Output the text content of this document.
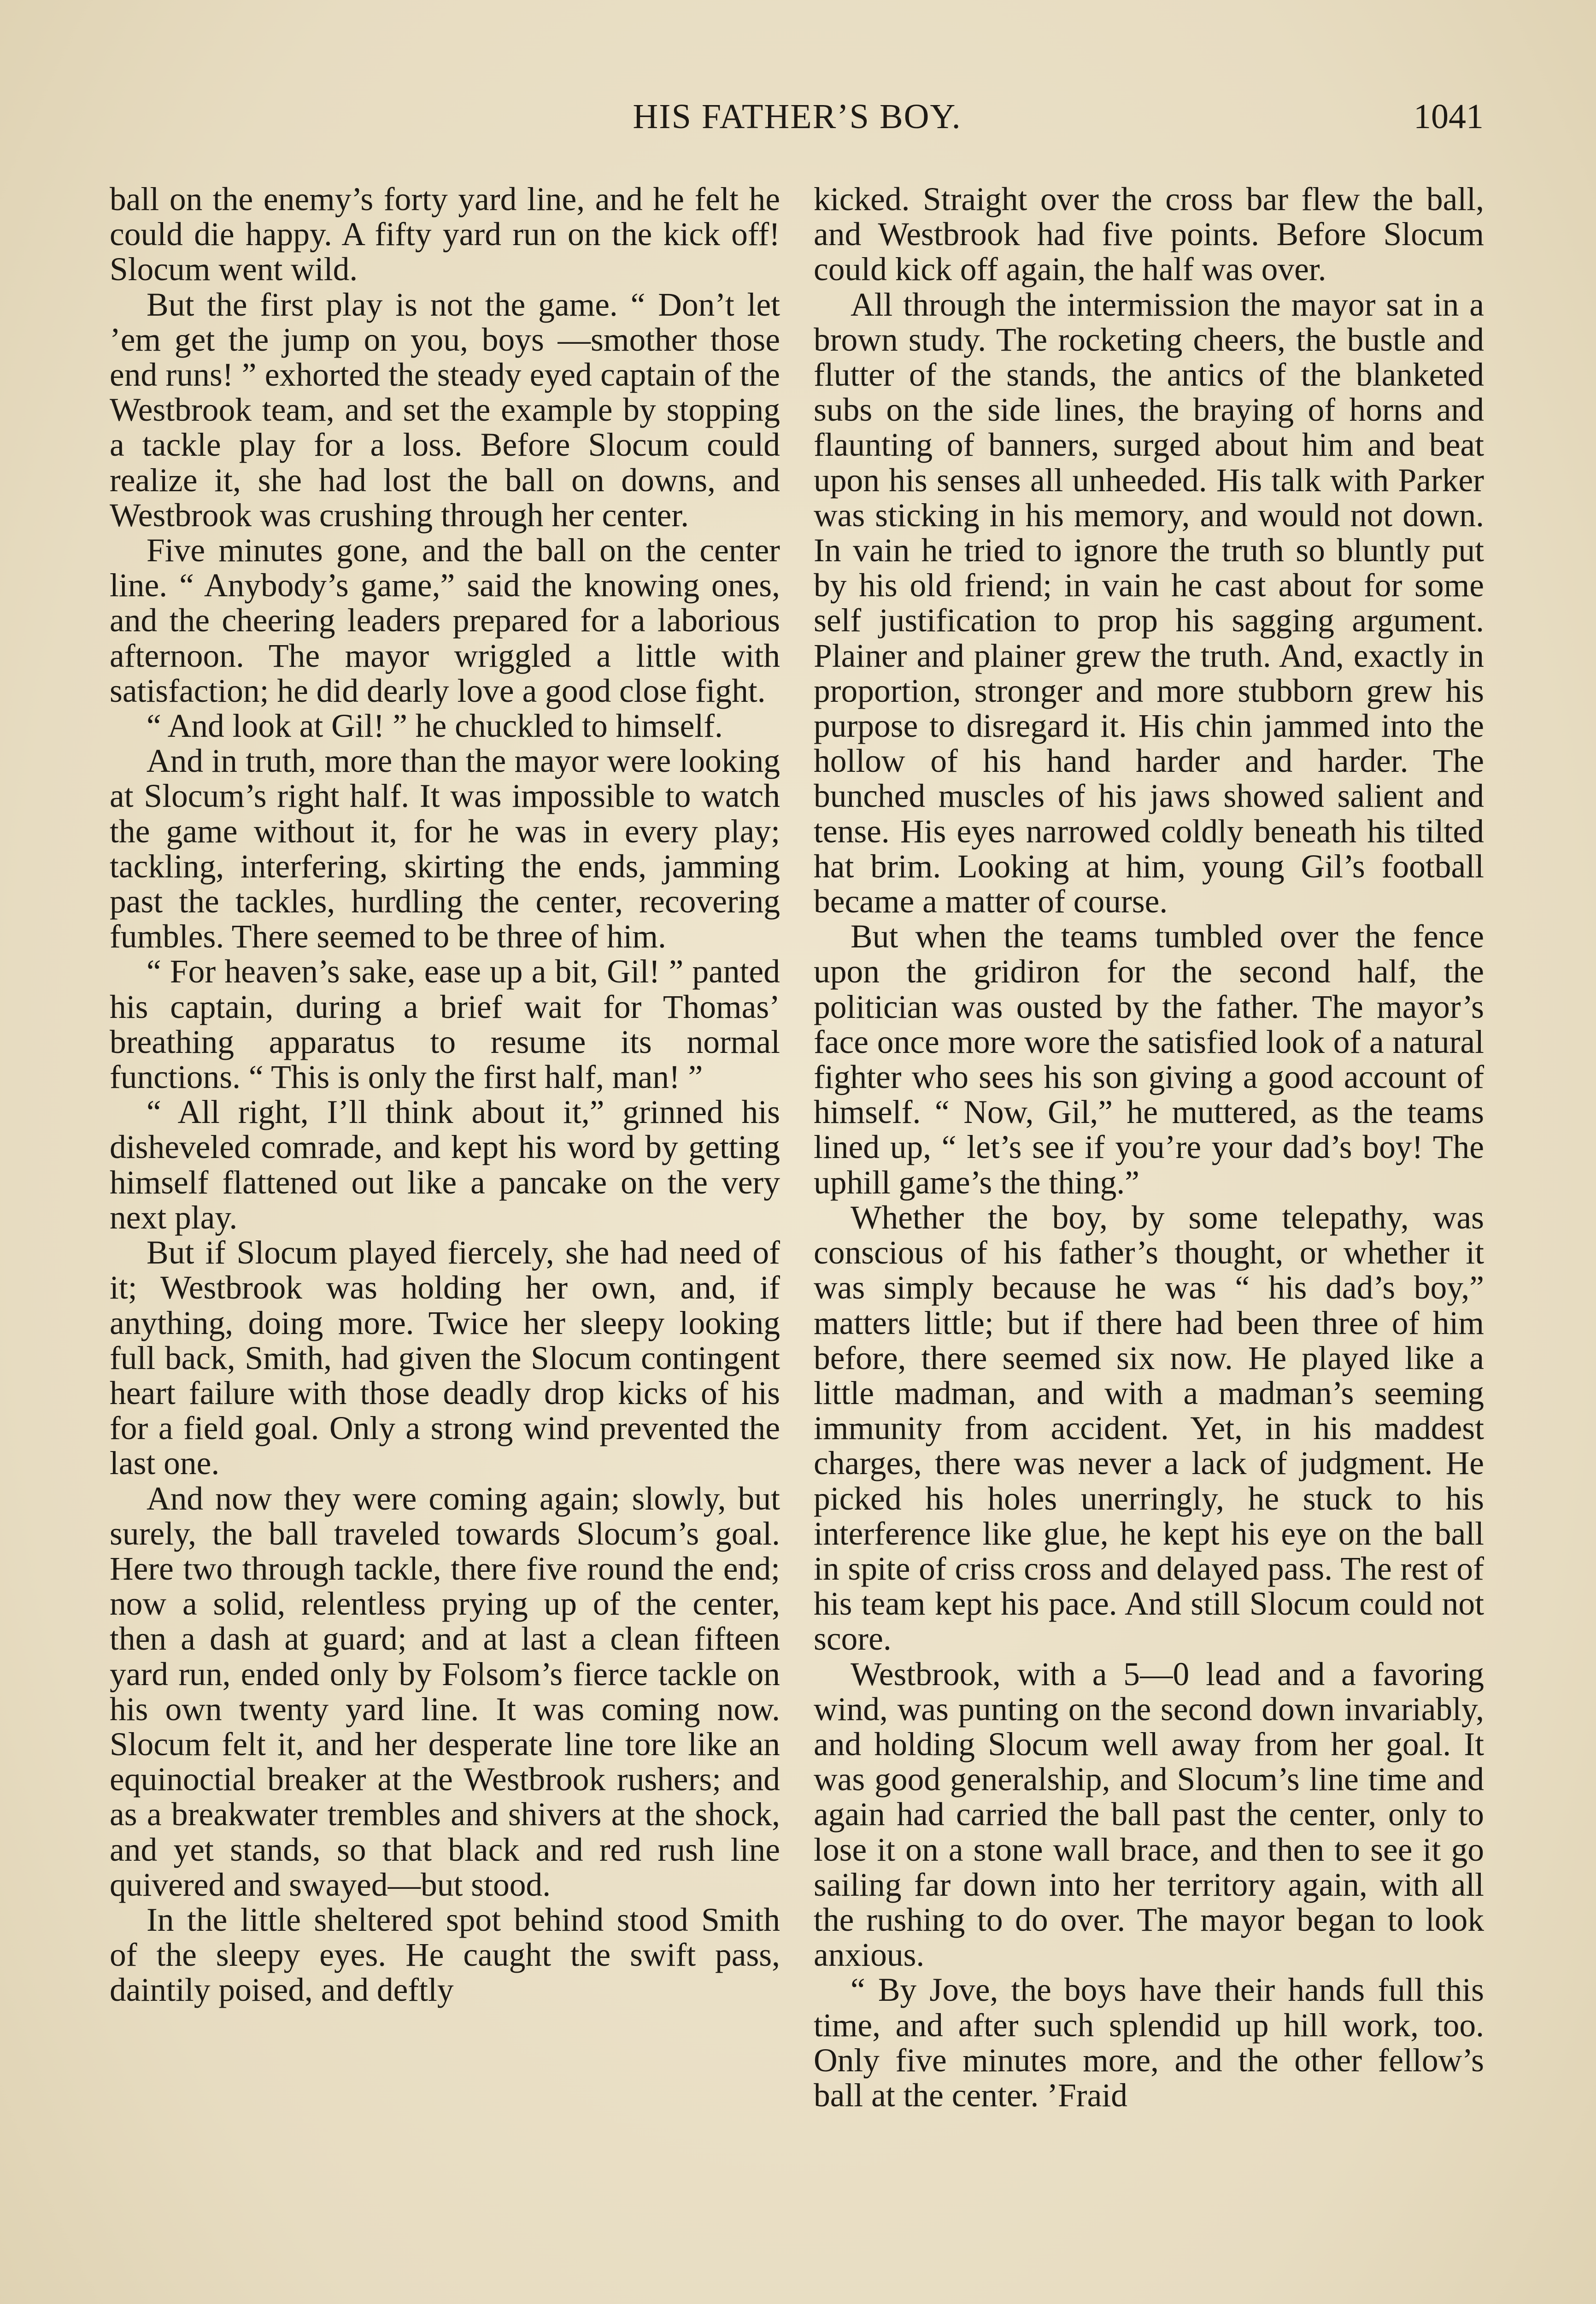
HIS FATHER’S BOY.	1041

ball on the enemy’s forty yard line, and he felt he could die happy. A fifty yard run on the kick off! Slocum went wild.

But the first play is not the game. “ Don’t let ’em get the jump on you, boys —smother those end runs! ” exhorted the steady eyed captain of the Westbrook team, and set the example by stopping a tackle play for a loss. Before Slocum could realize it, she had lost the ball on downs, and Westbrook was crushing through her center.

Five minutes gone, and the ball on the center line. “ Anybody’s game,” said the knowing ones, and the cheering leaders prepared for a laborious afternoon. The mayor wriggled a little with satisfaction; he did dearly love a good close fight.

“ And look at Gil! ” he chuckled to himself.

And in truth, more than the mayor were looking at Slocum’s right half. It was impossible to watch the game without it, for he was in every play; tackling, interfering, skirting the ends, jamming past the tackles, hurdling the center, recovering fumbles. There seemed to be three of him.

“ For heaven’s sake, ease up a bit, Gil! ” panted his captain, during a brief wait for Thomas’ breathing apparatus to resume its normal functions. “ This is only the first half, man! ”

“ All right, I’ll think about it,” grinned his disheveled comrade, and kept his word by getting himself flattened out like a pancake on the very next play.

But if Slocum played fiercely, she had need of it; Westbrook was holding her own, and, if anything, doing more. Twice her sleepy looking full back, Smith, had given the Slocum contingent heart failure with those deadly drop kicks of his for a field goal. Only a strong wind prevented the last one.

And now they were coming again; slowly, but surely, the ball traveled towards Slocum’s goal. Here two through tackle, there five round the end; now a solid, relentless prying up of the center, then a dash at guard; and at last a clean fifteen yard run, ended only by Folsom’s fierce tackle on his own twenty yard line. It was coming now. Slocum felt it, and her desperate line tore like an equinoctial breaker at the Westbrook rushers; and as a breakwater trembles and shivers at the shock, and yet stands, so that black and red rush line quivered and swayed—but stood.

In the little sheltered spot behind stood Smith of the sleepy eyes. He caught the swift pass, daintily poised, and deftly

kicked. Straight over the cross bar flew the ball, and Westbrook had five points. Before Slocum could kick off again, the half was over.

All through the intermission the mayor sat in a brown study. The rocketing cheers, the bustle and flutter of the stands, the antics of the blanketed subs on the side lines, the braying of horns and flaunting of banners, surged about him and beat upon his senses all unheeded. His talk with Parker was sticking in his memory, and would not down. In vain he tried to ignore the truth so bluntly put by his old friend; in vain he cast about for some self justification to prop his sagging argument. Plainer and plainer grew the truth. And, exactly in proportion, stronger and more stubborn grew his purpose to disregard it. His chin jammed into the hollow of his hand harder and harder. The bunched muscles of his jaws showed salient and tense. His eyes narrowed coldly beneath his tilted hat brim. Looking at him, young Gil’s football became a matter of course.

But when the teams tumbled over the fence upon the gridiron for the second half, the politician was ousted by the father. The mayor’s face once more wore the satisfied look of a natural fighter who sees his son giving a good account of himself. “ Now, Gil,” he muttered, as the teams lined up, “ let’s see if you’re your dad’s boy! The uphill game’s the thing.”

Whether the boy, by some telepathy, was conscious of his father’s thought, or whether it was simply because he was “ his dad’s boy,” matters little; but if there had been three of him before, there seemed six now. He played like a little madman, and with a madman’s seeming immunity from accident. Yet, in his maddest charges, there was never a lack of judgment. He picked his holes unerringly, he stuck to his interference like glue, he kept his eye on the ball in spite of criss cross and delayed pass. The rest of his team kept his pace. And still Slocum could not score.

Westbrook, with a 5—0 lead and a favoring wind, was punting on the second down invariably, and holding Slocum well away from her goal. It was good generalship, and Slocum’s line time and again had carried the ball past the center, only to lose it on a stone wall brace, and then to see it go sailing far down into her territory again, with all the rushing to do over. The mayor began to look anxious.

“ By Jove, the boys have their hands full this time, and after such splendid up hill work, too. Only five minutes more, and the other fellow’s ball at the center. ’Fraid
